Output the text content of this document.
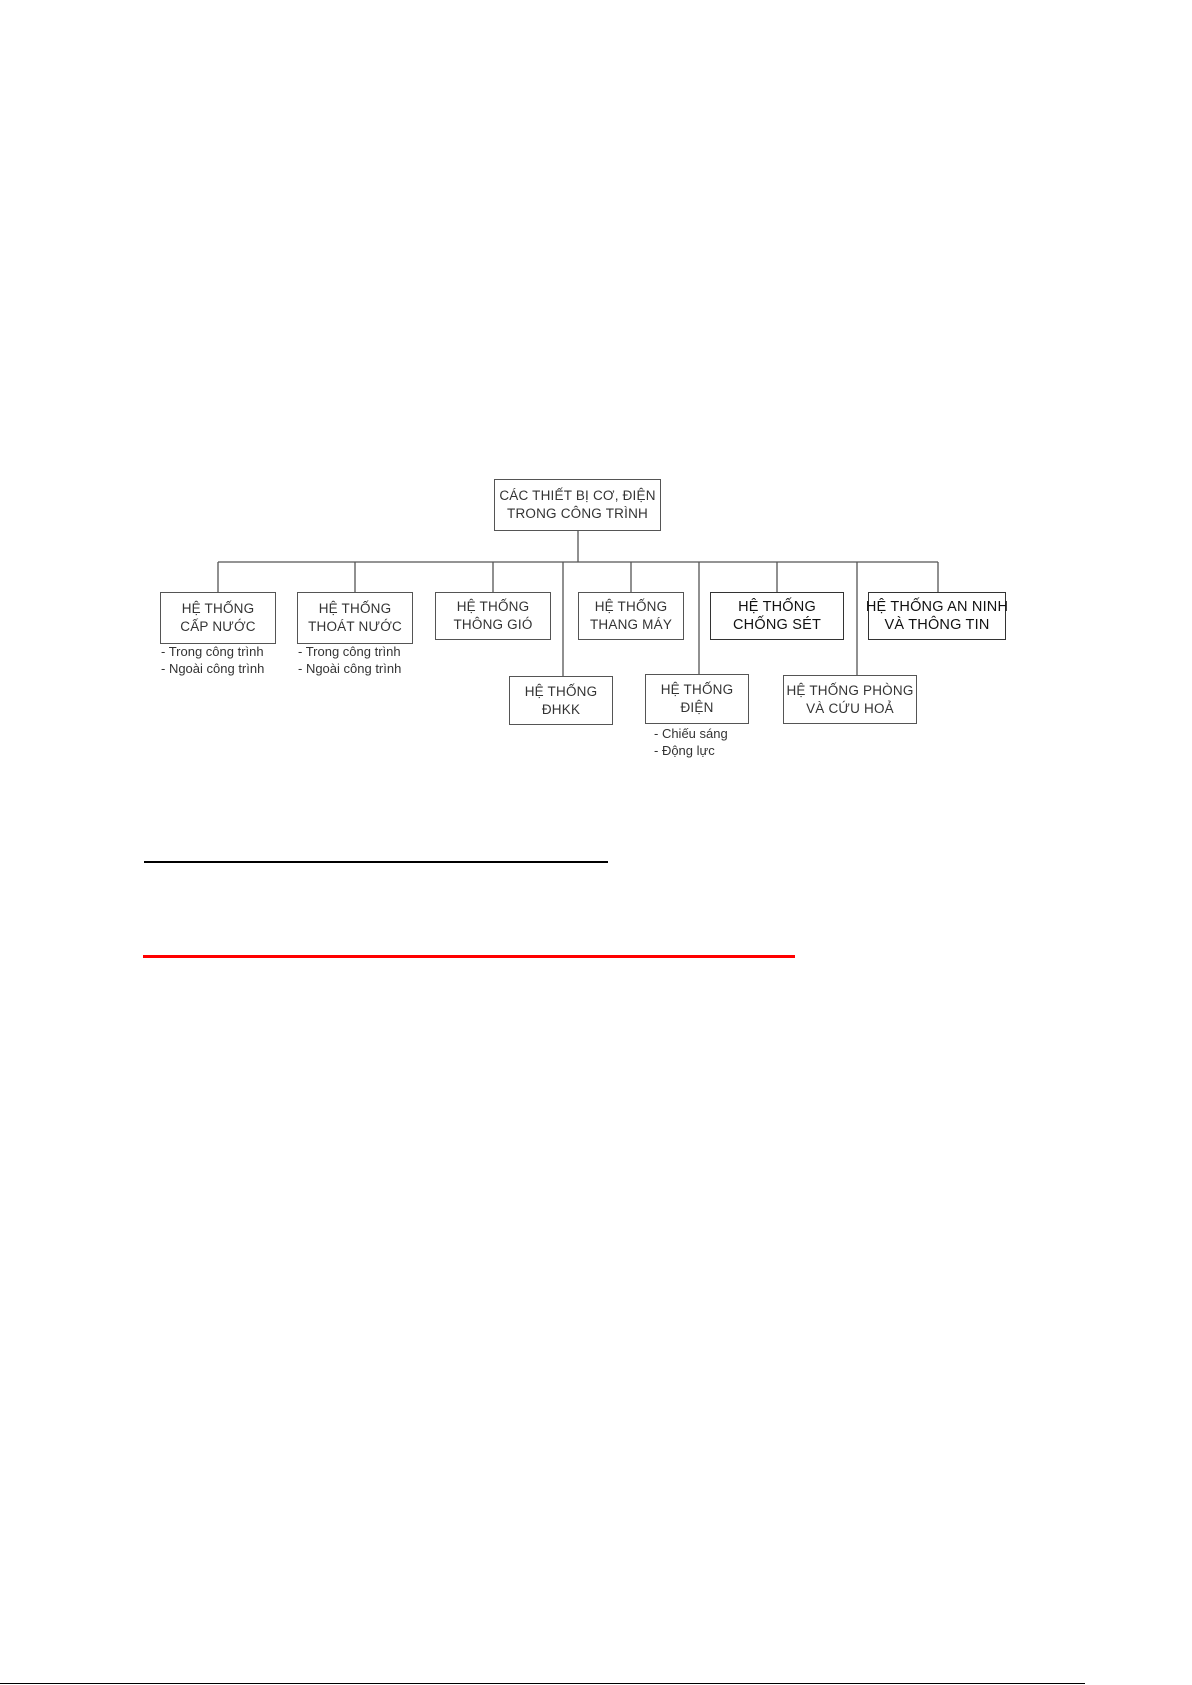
CÁC THIẾT BỊ CƠ, ĐIỆN
TRONG CÔNG TRÌNH
HỆ THỐNG
CẤP NƯỚC
HỆ THỐNG
THOÁT NƯỚC
HỆ THỐNG
THÔNG GIÓ
HỆ THỐNG
THANG MÁY
HỆ THỐNG
CHỐNG SÉT
HỆ THỐNG AN NINH
VÀ THÔNG TIN
HỆ THỐNG
ĐHKK
HỆ THỐNG
ĐIỆN
HỆ THỐNG PHÒNG
VÀ CỨU HOẢ
- Trong công trình
- Ngoài công trình
- Trong công trình
- Ngoài công trình
- Chiếu sáng
- Động lực
